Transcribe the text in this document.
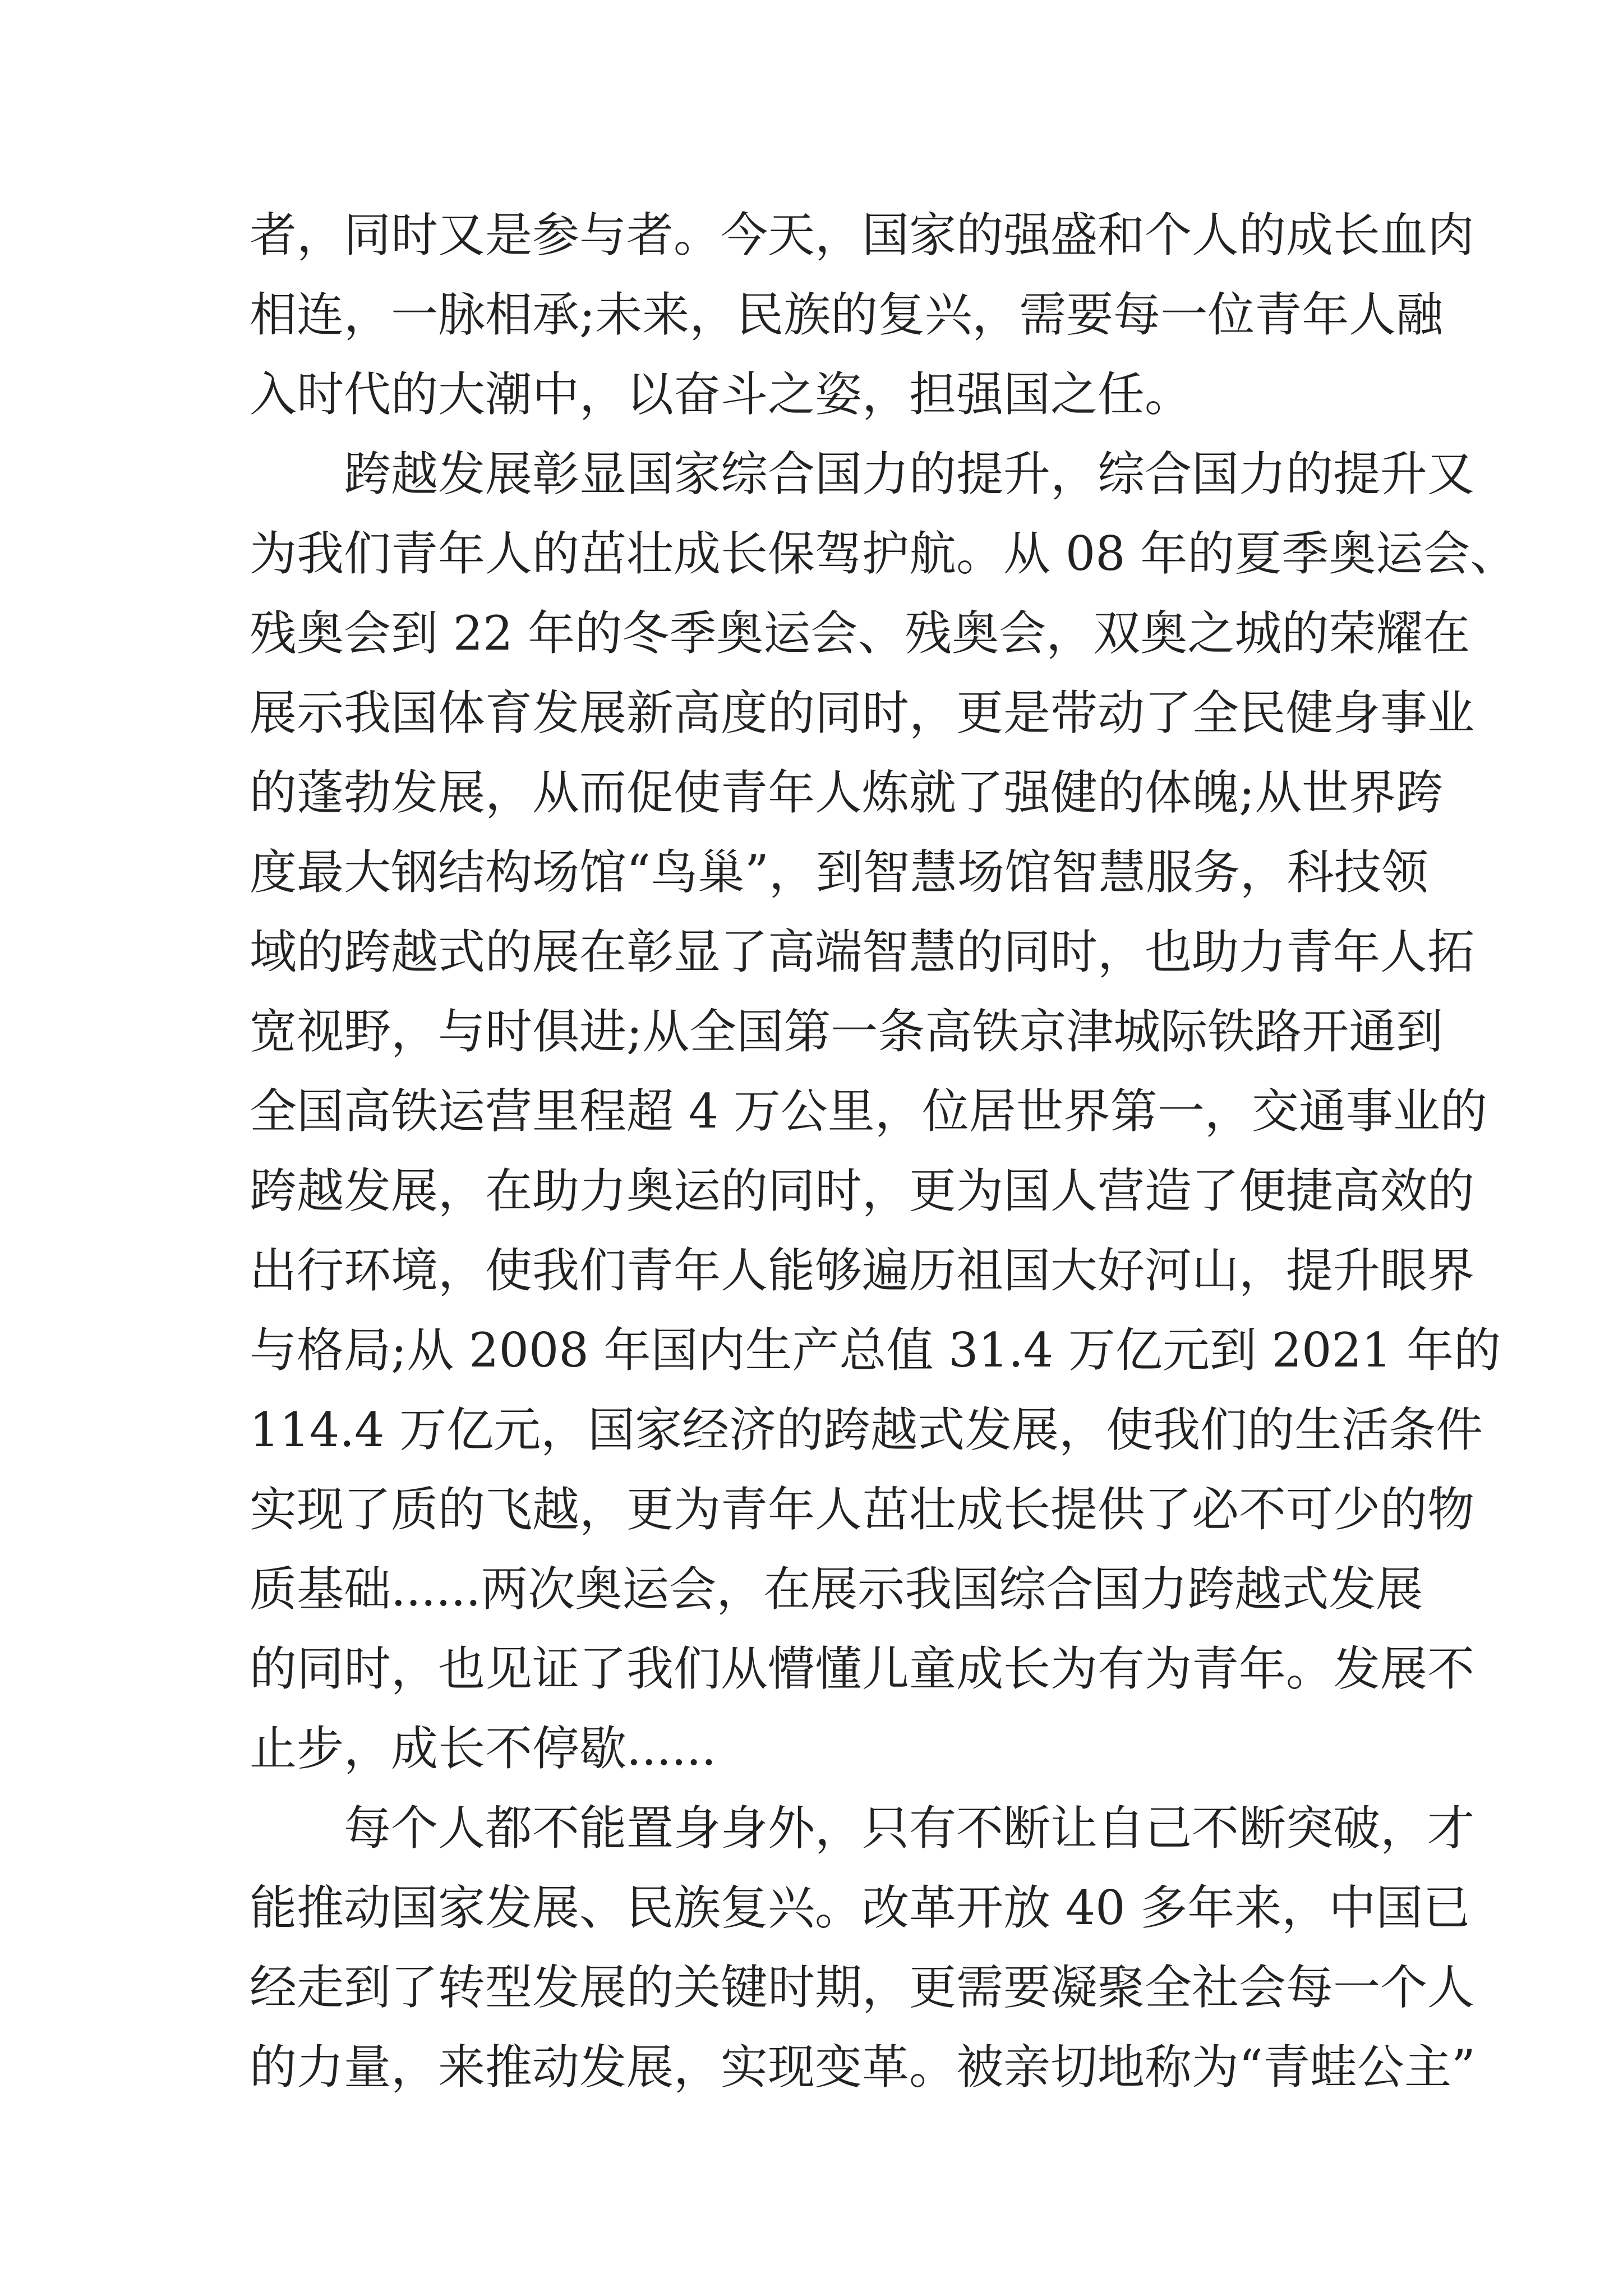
者，同时又是参与者。今天，国家的强盛和个人的成长血肉
相连，一脉相承;未来，民族的复兴，需要每一位青年人融
入时代的大潮中，以奋斗之姿，担强国之任。
跨越发展彰显国家综合国力的提升，综合国力的提升又
为我们青年人的茁壮成长保驾护航。从 08 年的夏季奥运会、
残奥会到 22 年的冬季奥运会、残奥会，双奥之城的荣耀在
展示我国体育发展新高度的同时，更是带动了全民健身事业
的蓬勃发展，从而促使青年人炼就了强健的体魄;从世界跨
度最大钢结构场馆“鸟巢”，到智慧场馆智慧服务，科技领
域的跨越式的展在彰显了高端智慧的同时，也助力青年人拓
宽视野，与时俱进;从全国第一条高铁京津城际铁路开通到
全国高铁运营里程超 4 万公里，位居世界第一，交通事业的
跨越发展，在助力奥运的同时，更为国人营造了便捷高效的
出行环境，使我们青年人能够遍历祖国大好河山，提升眼界
与格局;从 2008 年国内生产总值 31.4 万亿元到 2021 年的
114.4 万亿元，国家经济的跨越式发展，使我们的生活条件
实现了质的飞越，更为青年人茁壮成长提供了必不可少的物
质基础......两次奥运会，在展示我国综合国力跨越式发展
的同时，也见证了我们从懵懂儿童成长为有为青年。发展不
止步，成长不停歇......
每个人都不能置身身外，只有不断让自己不断突破，才
能推动国家发展、民族复兴。改革开放 40 多年来，中国已
经走到了转型发展的关键时期，更需要凝聚全社会每一个人
的力量，来推动发展，实现变革。被亲切地称为“青蛙公主”
